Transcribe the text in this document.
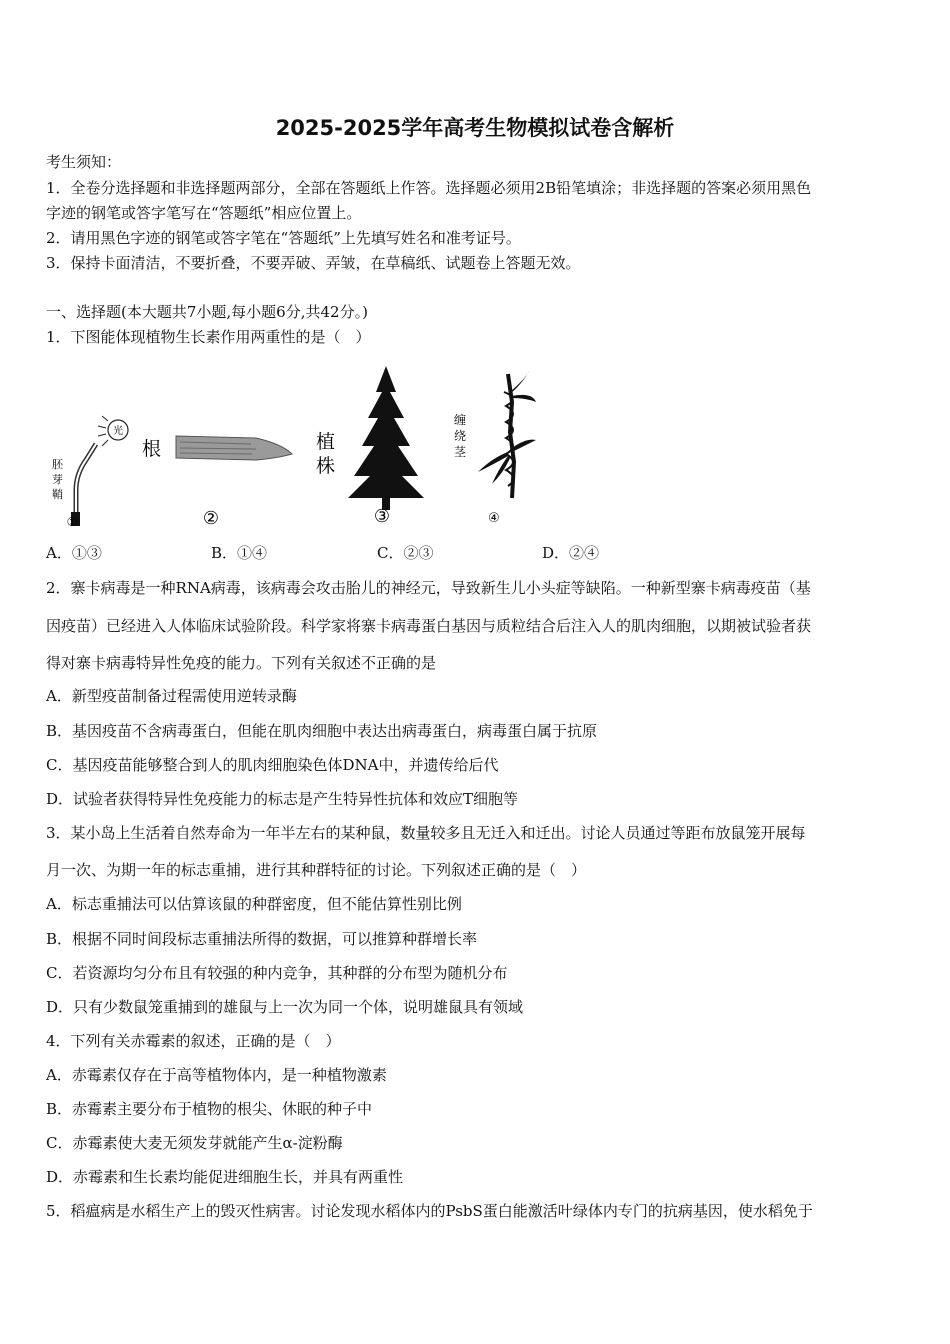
2025-2025学年高考生物模拟试卷含解析
考生须知：
1．全卷分选择题和非选择题两部分，全部在答题纸上作答。选择题必须用2B铅笔填涂；非选择题的答案必须用黑色
字迹的钢笔或答字笔写在“答题纸”相应位置上。
2．请用黑色字迹的钢笔或答字笔在“答题纸”上先填写姓名和准考证号。
3．保持卡面清洁，不要折叠，不要弄破、弄皱，在草稿纸、试题卷上答题无效。
一、选择题(本大题共7小题,每小题6分,共42分。)
1．下图能体现植物生长素作用两重性的是（　）
光
胚
芽
鞘
①
根
②
植
株
③
缠
绕
茎
④
A．①③	B．①④	C．②③	D．②④
2．寨卡病毒是一种RNA病毒，该病毒会攻击胎儿的神经元，导致新生儿小头症等缺陷。一种新型寨卡病毒疫苗（基
因疫苗）已经进入人体临床试验阶段。科学家将寨卡病毒蛋白基因与质粒结合后注入人的肌肉细胞，以期被试验者获
得对寨卡病毒特异性免疫的能力。下列有关叙述不正确的是
A．新型疫苗制备过程需使用逆转录酶
B．基因疫苗不含病毒蛋白，但能在肌肉细胞中表达出病毒蛋白，病毒蛋白属于抗原
C．基因疫苗能够整合到人的肌肉细胞染色体DNA中，并遗传给后代
D．试验者获得特异性免疫能力的标志是产生特异性抗体和效应T细胞等
3．某小岛上生活着自然寿命为一年半左右的某种鼠，数量较多且无迁入和迁出。讨论人员通过等距布放鼠笼开展每
月一次、为期一年的标志重捕，进行其种群特征的讨论。下列叙述正确的是（　）
A．标志重捕法可以估算该鼠的种群密度，但不能估算性别比例
B．根据不同时间段标志重捕法所得的数据，可以推算种群增长率
C．若资源均匀分布且有较强的种内竞争，其种群的分布型为随机分布
D．只有少数鼠笼重捕到的雄鼠与上一次为同一个体，说明雄鼠具有领域
4．下列有关赤霉素的叙述，正确的是（　）
A．赤霉素仅存在于高等植物体内，是一种植物激素
B．赤霉素主要分布于植物的根尖、休眠的种子中
C．赤霉素使大麦无须发芽就能产生α-淀粉酶
D．赤霉素和生长素均能促进细胞生长，并具有两重性
5．稻瘟病是水稻生产上的毁灭性病害。讨论发现水稻体内的PsbS蛋白能激活叶绿体内专门的抗病基因，使水稻免于
